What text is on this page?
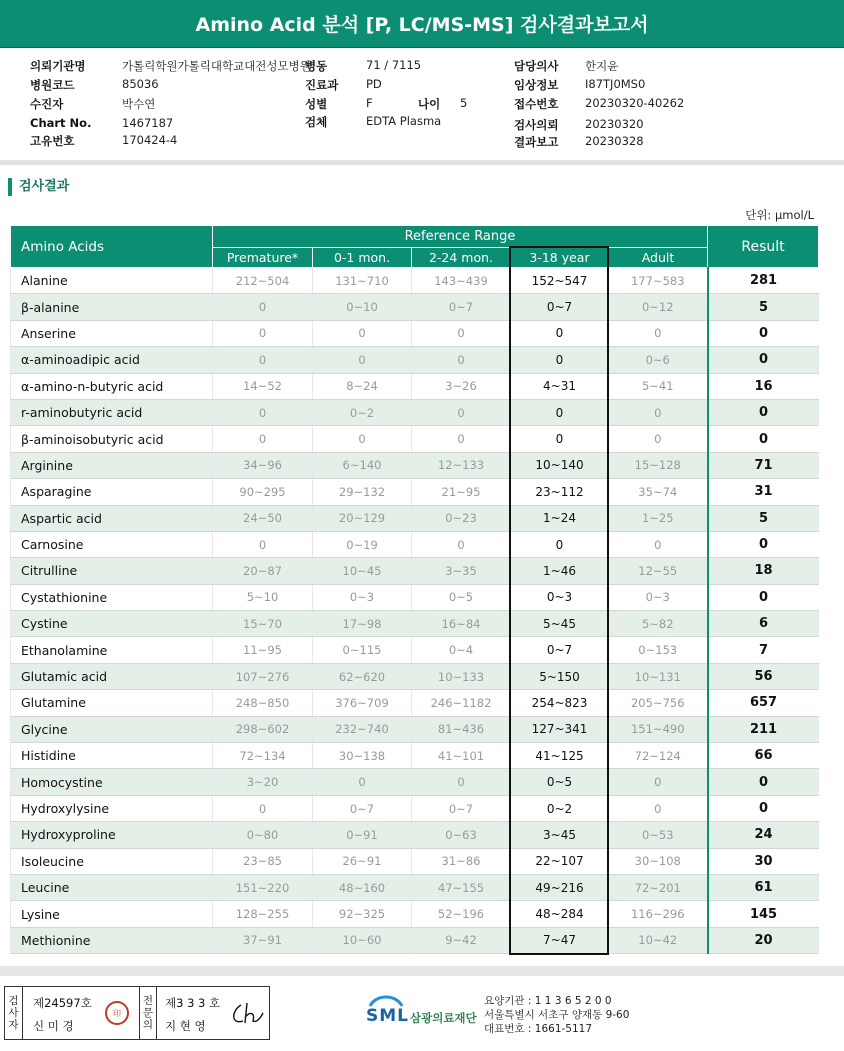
Amino Acid 분석 [P, LC/MS-MS] 검사결과보고서
의뢰기관명	가톨릭학원가톨릭대학교대전성모병원
병원코드	85036
수진자	박수연
Chart No.	1467187
고유번호	170424-4
병동	71 / 7115
진료과 PD
성별	F	나이 5
검체	EDTA Plasma
담당의사 한지윤
임상정보 I87TJ0MS0
접수번호 20230320-40262
검사의뢰 20230320
결과보고 20230328
검사결과
단위: μmol/L
Amino Acids	Reference Range					Result
	Premature*	0-1 mon.	2-24 mon.	3-18 year	Adult	
Alanine	212~504	131~710	143~439	152~547	177~583	281
β-alanine	0	0~10	0~7	0~7	0~12	5
Anserine	0	0	0	0	0	0
α-aminoadipic acid	0	0	0	0	0~6	0
α-amino-n-butyric acid	14~52	8~24	3~26	4~31	5~41	16
r-aminobutyric acid	0	0~2	0	0	0	0
β-aminoisobutyric acid	0	0	0	0	0	0
Arginine	34~96	6~140	12~133	10~140	15~128	71
Asparagine	90~295	29~132	21~95	23~112	35~74	31
Aspartic acid	24~50	20~129	0~23	1~24	1~25	5
Carnosine	0	0~19	0	0	0	0
Citrulline	20~87	10~45	3~35	1~46	12~55	18
Cystathionine	5~10	0~3	0~5	0~3	0~3	0
Cystine	15~70	17~98	16~84	5~45	5~82	6
Ethanolamine	11~95	0~115	0~4	0~7	0~153	7
Glutamic acid	107~276	62~620	10~133	5~150	10~131	56
Glutamine	248~850	376~709	246~1182	254~823	205~756	657
Glycine	298~602	232~740	81~436	127~341	151~490	211
Histidine	72~134	30~138	41~101	41~125	72~124	66
Homocystine	3~20	0	0	0~5	0	0
Hydroxylysine	0	0~7	0~7	0~2	0	0
Hydroxyproline	0~80	0~91	0~63	3~45	0~53	24
Isoleucine	23~85	26~91	31~86	22~107	30~108	30
Leucine	151~220	48~160	47~155	49~216	72~201	61
Lysine	128~255	92~325	52~196	48~284	116~296	145
Methionine	37~91	10~60	9~42	7~47	10~42	20
검
사
자
제24597호
신 미 경
印
전
문
의
제3 3 3 호
지 현 영	SML 삼광의료재단
요양기관 : 1 1 3 6 5 2 0 0
서울특별시 서초구 양재동 9-60
대표번호 : 1661-5117
